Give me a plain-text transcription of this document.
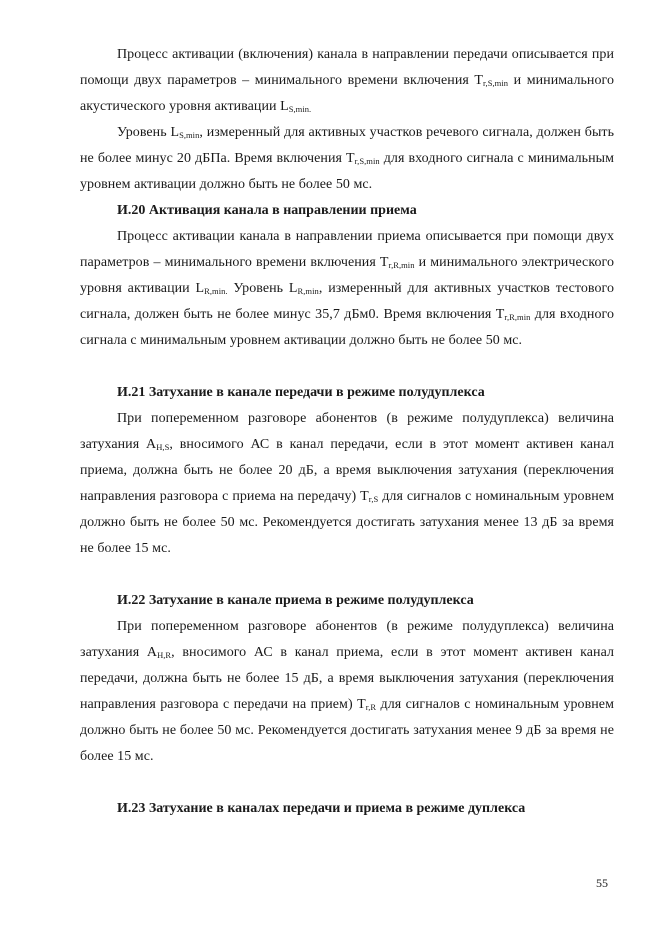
Процесс активации (включения) канала в направлении передачи описывается при помощи двух параметров – минимального времени включения $T_{r,S,min}$ и минимального акустического уровня активации $L_{S,min.}$

Уровень $L_{S,min}$, измеренный для активных участков речевого сигнала, должен быть не более минус 20 дБПа. Время включения $T_{r,S,min}$ для входного сигнала с минимальным уровнем активации должно быть не более 50 мс.

И.20 Активация канала в направлении приема

Процесс активации канала в направлении приема описывается при помощи двух параметров – минимального времени включения $T_{r,R,min}$ и минимального электрического уровня активации $L_{R,min.}$ Уровень $L_{R,min}$, измеренный для активных участков тестового сигнала, должен быть не более минус 35,7 дБм0. Время включения $T_{r,R,min}$ для входного сигнала с минимальным уровнем активации должно быть не более 50 мс.

И.21 Затухание в канале передачи в режиме полудуплекса

При попеременном разговоре абонентов (в режиме полудуплекса) величина затухания $A_{H,S}$, вносимого АС в канал передачи, если в этот момент активен канал приема, должна быть не более 20 дБ, а время выключения затухания (переключения направления разговора с приема на передачу) $T_{r,S}$ для сигналов с номинальным уровнем должно быть не более 50 мс. Рекомендуется достигать затухания менее 13 дБ за время не более 15 мс.

И.22 Затухание в канале приема в режиме полудуплекса

При попеременном разговоре абонентов (в режиме полудуплекса) величина затухания $A_{H,R}$, вносимого АС в канал приема, если в этот момент активен канал передачи, должна быть не более 15 дБ, а время выключения затухания (переключения направления разговора с передачи на прием) $T_{r,R}$ для сигналов с номинальным уровнем должно быть не более 50 мс. Рекомендуется достигать затухания менее 9 дБ за время не более 15 мс.

И.23 Затухание в каналах передачи и приема в режиме дуплекса
55
